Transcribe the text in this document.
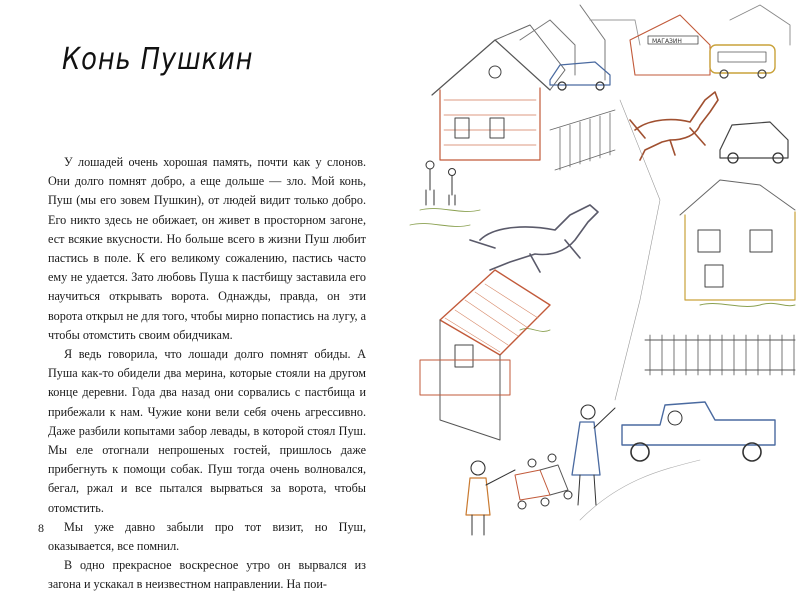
Конь Пушкин

У лошадей очень хорошая память, почти как у слонов. Они долго помнят добро, а еще дольше — зло. Мой конь, Пуш (мы его зовем Пушкин), от людей видит только добро. Его никто здесь не обижает, он живет в просторном загоне, ест всякие вкусности. Но больше всего в жизни Пуш любит пастись в поле. К его великому сожалению, пастись часто ему не удается. Зато любовь Пуша к пастбищу заставила его научиться открывать ворота. Однажды, правда, он эти ворота открыл не для того, чтобы мирно попастись на лугу, а чтобы отомстить своим обидчикам.

Я ведь говорила, что лошади долго помнят обиды. А Пуша как-то обидели два мерина, которые стояли на другом конце деревни. Года два назад они сорвались с пастбища и прибежали к нам. Чужие кони вели себя очень агрессивно. Даже разбили копытами забор левады, в которой стоял Пуш. Мы еле отогнали непрошеных гостей, пришлось даже прибегнуть к помощи собак. Пуш тогда очень волновался, бегал, ржал и все пытался вырваться за ворота, чтобы отомстить.

Мы уже давно забыли про тот визит, но Пуш, оказывается, все помнил.

В одно прекрасное воскресное утро он вырвался из загона и ускакал в неизвестном направлении. На пои-

8
МАГАЗИН
